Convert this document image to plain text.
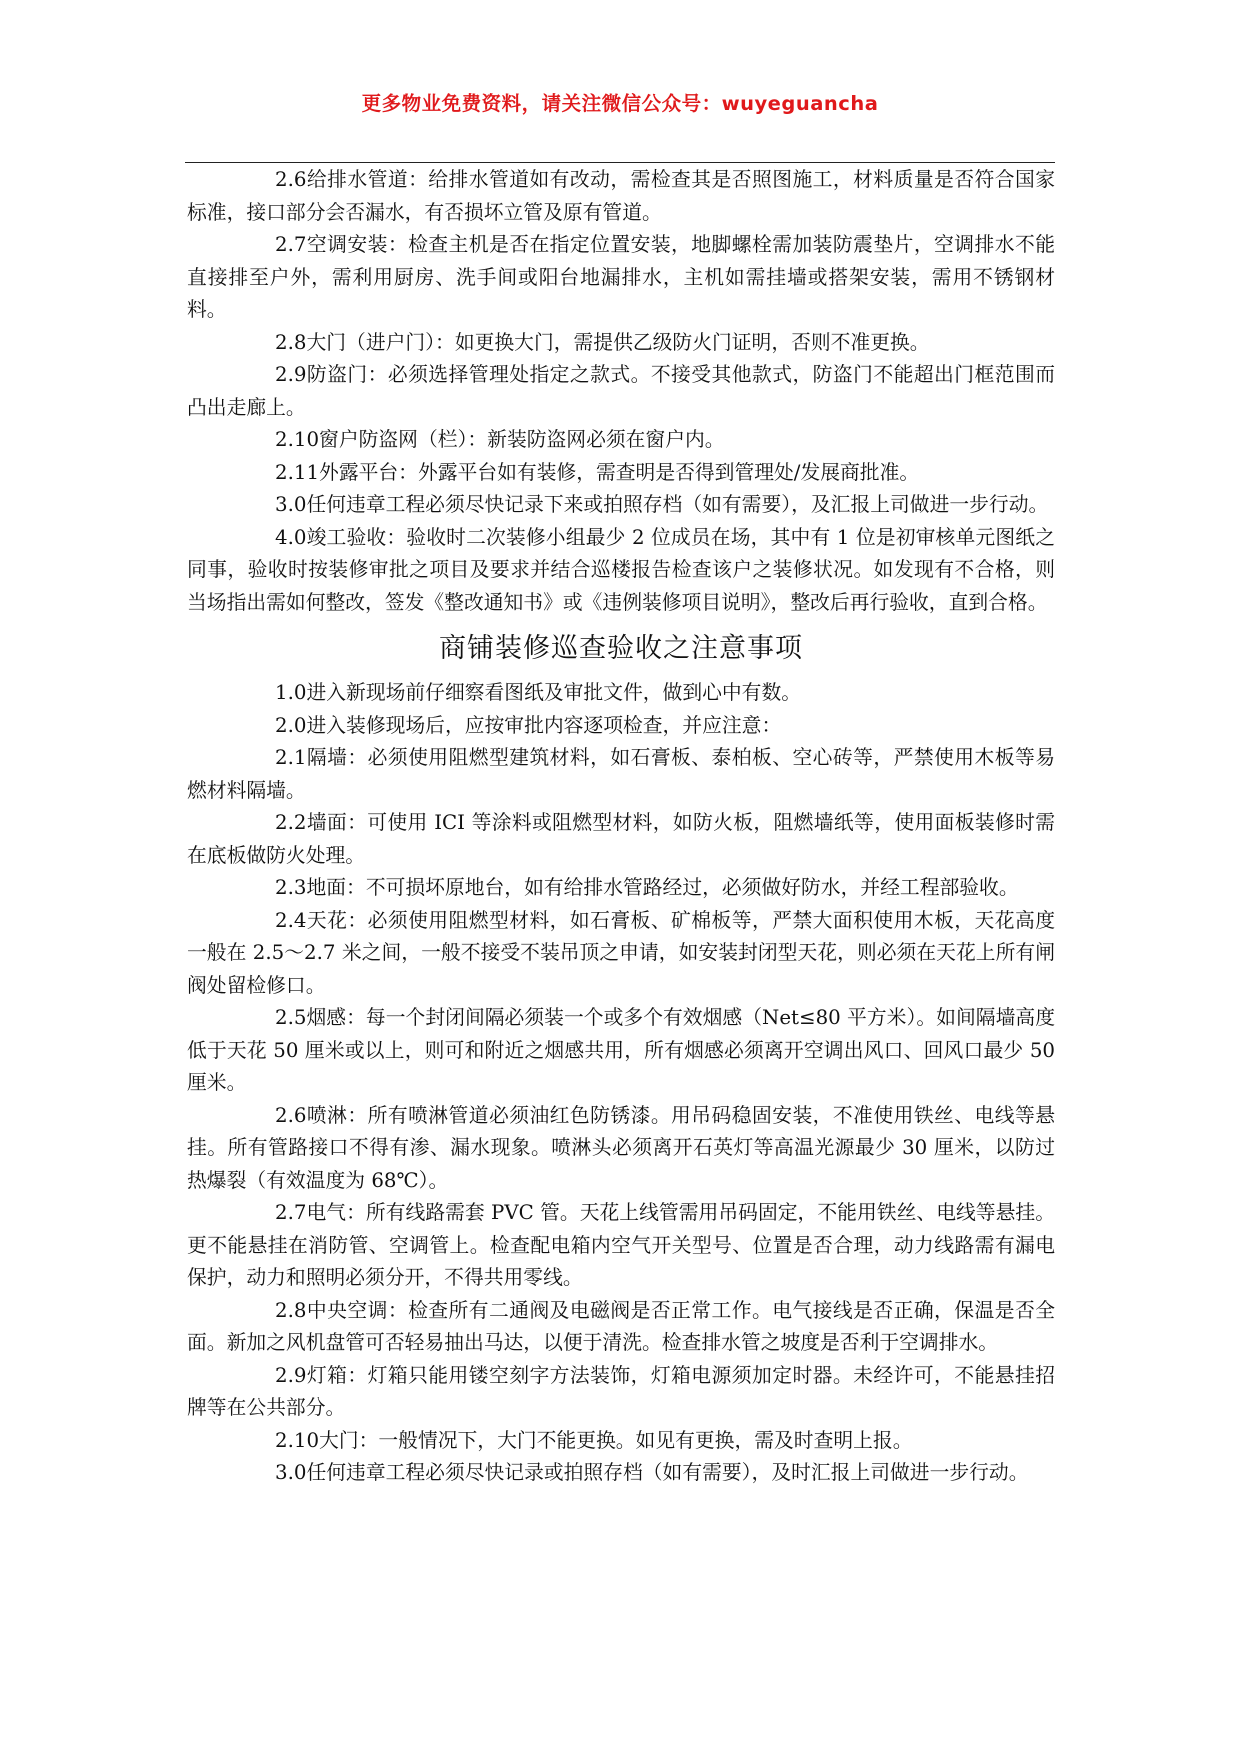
更多物业免费资料，请关注微信公众号：wuyeguancha

2.6给排水管道：给排水管道如有改动，需检查其是否照图施工，材料质量是否符合国家标准，接口部分会否漏水，有否损坏立管及原有管道。

2.7空调安装：检查主机是否在指定位置安装，地脚螺栓需加装防震垫片，空调排水不能直接排至户外，需利用厨房、洗手间或阳台地漏排水，主机如需挂墙或搭架安装，需用不锈钢材料。

2.8大门（进户门）：如更换大门，需提供乙级防火门证明，否则不准更换。

2.9防盗门：必须选择管理处指定之款式。不接受其他款式，防盗门不能超出门框范围而凸出走廊上。

2.10窗户防盗网（栏）：新装防盗网必须在窗户内。

2.11外露平台：外露平台如有装修，需查明是否得到管理处/发展商批准。

3.0任何违章工程必须尽快记录下来或拍照存档（如有需要），及汇报上司做进一步行动。

4.0竣工验收：验收时二次装修小组最少 2 位成员在场，其中有 1 位是初审核单元图纸之同事，验收时按装修审批之项目及要求并结合巡楼报告检查该户之装修状况。如发现有不合格，则当场指出需如何整改，签发《整改通知书》或《违例装修项目说明》，整改后再行验收，直到合格。

商铺装修巡查验收之注意事项

1.0进入新现场前仔细察看图纸及审批文件，做到心中有数。

2.0进入装修现场后，应按审批内容逐项检查，并应注意：

2.1隔墙：必须使用阻燃型建筑材料，如石膏板、泰柏板、空心砖等，严禁使用木板等易燃材料隔墙。

2.2墙面：可使用 ICI 等涂料或阻燃型材料，如防火板，阻燃墙纸等，使用面板装修时需在底板做防火处理。

2.3地面：不可损坏原地台，如有给排水管路经过，必须做好防水，并经工程部验收。

2.4天花：必须使用阻燃型材料，如石膏板、矿棉板等，严禁大面积使用木板，天花高度一般在 2.5～2.7 米之间，一般不接受不装吊顶之申请，如安装封闭型天花，则必须在天花上所有闸阀处留检修口。

2.5烟感：每一个封闭间隔必须装一个或多个有效烟感（Net≤80 平方米）。如间隔墙高度低于天花 50 厘米或以上，则可和附近之烟感共用，所有烟感必须离开空调出风口、回风口最少 50 厘米。

2.6喷淋：所有喷淋管道必须油红色防锈漆。用吊码稳固安装，不准使用铁丝、电线等悬挂。所有管路接口不得有渗、漏水现象。喷淋头必须离开石英灯等高温光源最少 30 厘米，以防过热爆裂（有效温度为 68℃）。

2.7电气：所有线路需套 PVC 管。天花上线管需用吊码固定，不能用铁丝、电线等悬挂。更不能悬挂在消防管、空调管上。检查配电箱内空气开关型号、位置是否合理，动力线路需有漏电保护，动力和照明必须分开，不得共用零线。

2.8中央空调：检查所有二通阀及电磁阀是否正常工作。电气接线是否正确，保温是否全面。新加之风机盘管可否轻易抽出马达，以便于清洗。检查排水管之坡度是否利于空调排水。

2.9灯箱：灯箱只能用镂空刻字方法装饰，灯箱电源须加定时器。未经许可，不能悬挂招牌等在公共部分。

2.10大门：一般情况下，大门不能更换。如见有更换，需及时查明上报。

3.0任何违章工程必须尽快记录或拍照存档（如有需要），及时汇报上司做进一步行动。
